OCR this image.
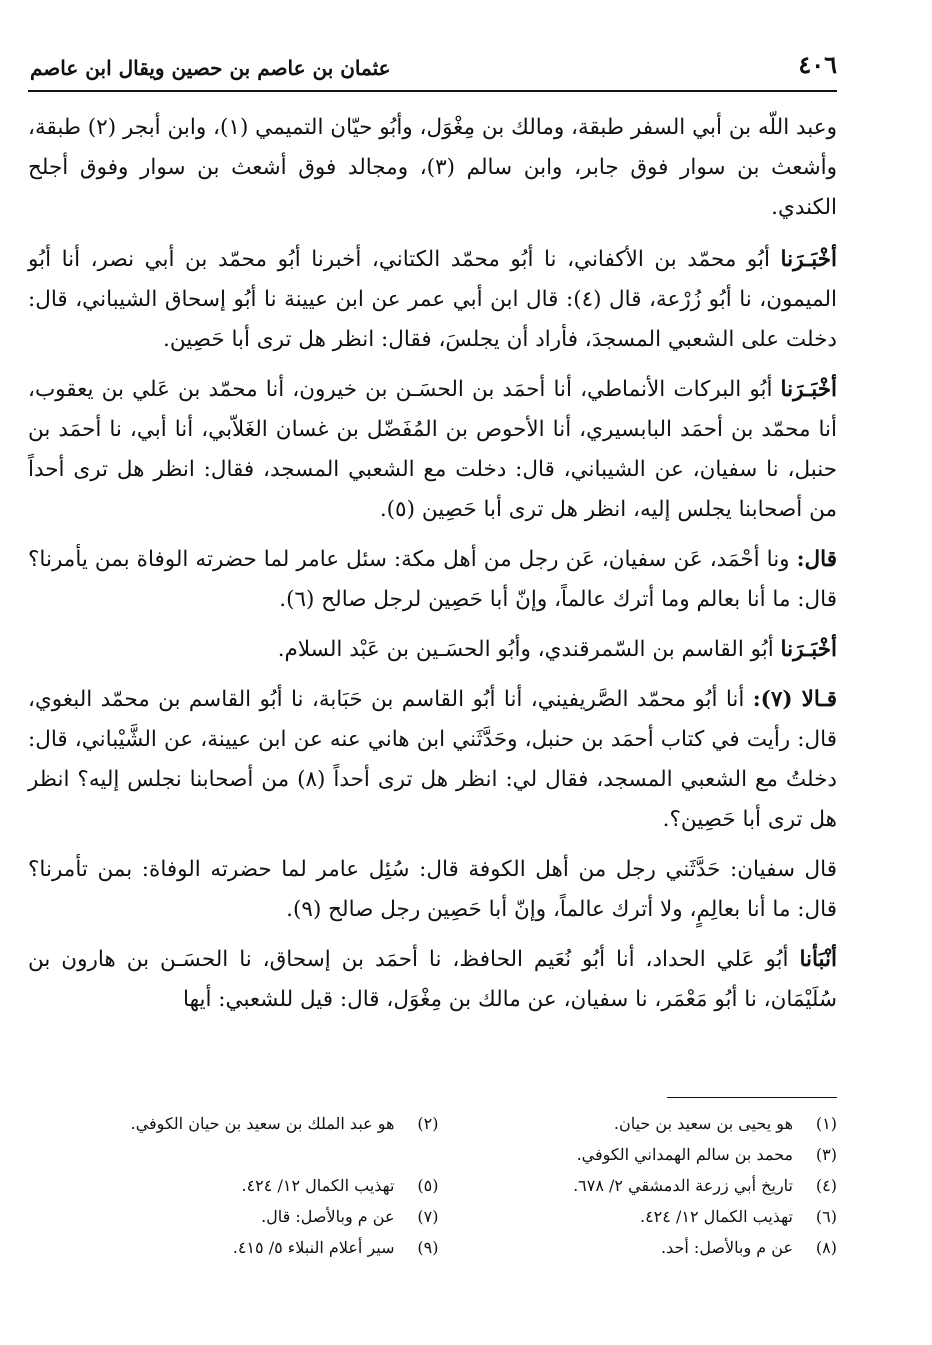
عثمان بن عاصم بن حصين ويقال ابن عاصم	٤٠٦

وعبد اللّه بن أبي السفر طبقة، ومالك بن مِغْوَل، وأبُو حيّان التميمي (١)، وابن أبجر (٢) طبقة، وأشعث بن سوار فوق جابر، وابن سالم (٣)، ومجالد فوق أشعث بن سوار وفوق أجلح الكندي.

أخْبَـرَنا أبُو محمّد بن الأكفاني، نا أبُو محمّد الكتاني، أخبرنا أبُو محمّد بن أبي نصر، أنا أبُو الميمون، نا أبُو زُرْعة، قال (٤): قال ابن أبي عمر عن ابن عيينة نا أبُو إسحاق الشيباني، قال: دخلت على الشعبي المسجدَ، فأراد أن يجلسَ، فقال: انظر هل ترى أبا حَصِين.

أخْبَـرَنا أبُو البركات الأنماطي، أنا أحمَد بن الحسَـن بن خيرون، أنا محمّد بن عَلي بن يعقوب، أنا محمّد بن أحمَد البابسيري، أنا الأحوص بن المُفَضّل بن غسان الغَلاّبي، أنا أبي، نا أحمَد بن حنبل، نا سفيان، عن الشيباني، قال: دخلت مع الشعبي المسجد، فقال: انظر هل ترى أحداً من أصحابنا يجلس إليه، انظر هل ترى أبا حَصِين (٥).

قال: ونا أحْمَد، عَن سفيان، عَن رجل من أهل مكة: سئل عامر لما حضرته الوفاة بمن يأمرنا؟ قال: ما أنا بعالم وما أترك عالماً، وإنّ أبا حَصِين لرجل صالح (٦).

أخْبَـرَنا أبُو القاسم بن السّمرقندي، وأبُو الحسَـين بن عَبْد السلام.

قـالا (٧): أنا أبُو محمّد الصَّريفيني، أنا أبُو القاسم بن حَبَابة، نا أبُو القاسم بن محمّد البغوي، قال: رأيت في كتاب أحمَد بن حنبل، وحَدَّثَني ابن هاني عنه عن ابن عيينة، عن الشَّيْباني، قال: دخلتُ مع الشعبي المسجد، فقال لي: انظر هل ترى أحداً (٨) من أصحابنا نجلس إليه؟ انظر هل ترى أبا حَصِين؟.

قال سفيان: حَدَّثَني رجل من أهل الكوفة قال: سُئِل عامر لما حضرته الوفاة: بمن تأمرنا؟ قال: ما أنا بعالِمٍ، ولا أترك عالماً، وإنّ أبا حَصِين رجل صالح (٩).

أنْبَأنا أبُو عَلي الحداد، أنا أبُو نُعَيم الحافظ، نا أحمَد بن إسحاق، نا الحسَـن بن هارون بن سُلَيْمَان، نا أبُو مَعْمَر، نا سفيان، عن مالك بن مِغْوَل، قال: قيل للشعبي: أيها

(١)هو يحيى بن سعيد بن حيان.
(٢)هو عبد الملك بن سعيد بن حيان الكوفي.
(٣)محمد بن سالم الهمداني الكوفي.
(٤)تاريخ أبي زرعة الدمشقي ٢/ ٦٧٨.
(٥)تهذيب الكمال ١٢/ ٤٢٤.
(٦)تهذيب الكمال ١٢/ ٤٢٤.
(٧)عن م وبالأصل: قال.
(٨)عن م وبالأصل: أحد.
(٩)سير أعلام النبلاء ٥/ ٤١٥.
